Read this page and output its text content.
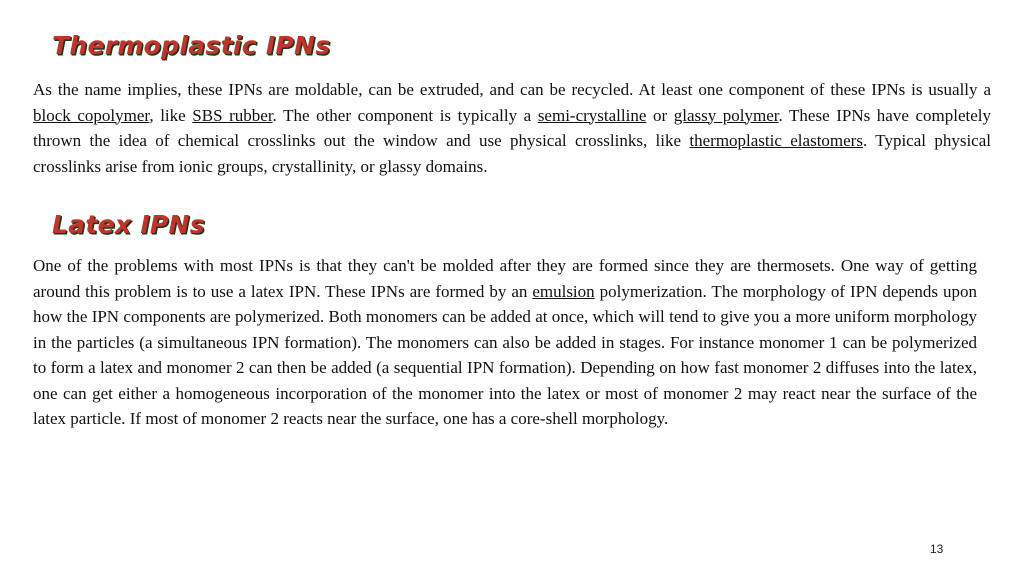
Thermoplastic IPNs

As the name implies, these IPNs are moldable, can be extruded, and can be recycled. At least one component of these IPNs is usually a block copolymer, like SBS rubber. The other component is typically a semi-crystalline or glassy polymer. These IPNs have completely thrown the idea of chemical crosslinks out the window and use physical crosslinks, like thermoplastic elastomers. Typical physical crosslinks arise from ionic groups, crystallinity, or glassy domains.

Latex IPNs

One of the problems with most IPNs is that they can't be molded after they are formed since they are thermosets. One way of getting around this problem is to use a latex IPN. These IPNs are formed by an emulsion polymerization. The morphology of IPN depends upon how the IPN components are polymerized. Both monomers can be added at once, which will tend to give you a more uniform morphology in the particles (a simultaneous IPN formation). The monomers can also be added in stages. For instance monomer 1 can be polymerized to form a latex and monomer 2 can then be added (a sequential IPN formation). Depending on how fast monomer 2 diffuses into the latex, one can get either a homogeneous incorporation of the monomer into the latex or most of monomer 2 may react near the surface of the latex particle. If most of monomer 2 reacts near the surface, one has a core-shell morphology.

13
